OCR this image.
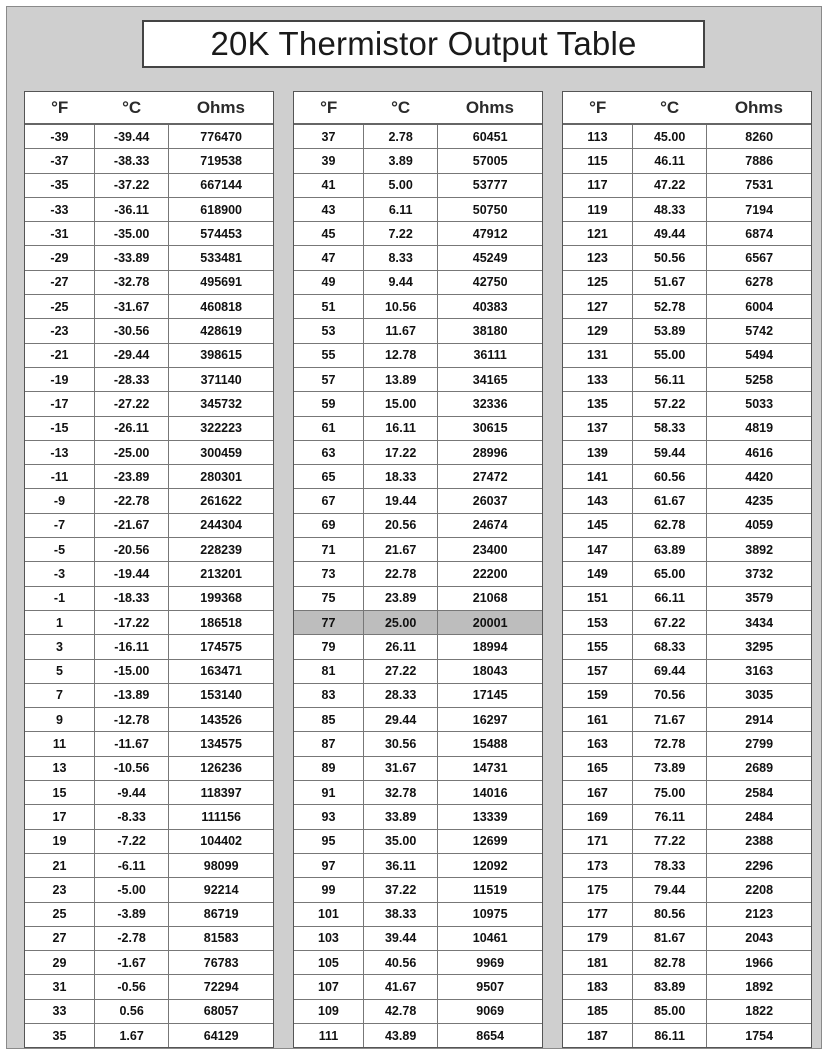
20K Thermistor Output Table
°F	°C	Ohms
-39	-39.44	776470
-37	-38.33	719538
-35	-37.22	667144
-33	-36.11	618900
-31	-35.00	574453
-29	-33.89	533481
-27	-32.78	495691
-25	-31.67	460818
-23	-30.56	428619
-21	-29.44	398615
-19	-28.33	371140
-17	-27.22	345732
-15	-26.11	322223
-13	-25.00	300459
-11	-23.89	280301
-9	-22.78	261622
-7	-21.67	244304
-5	-20.56	228239
-3	-19.44	213201
-1	-18.33	199368
1	-17.22	186518
3	-16.11	174575
5	-15.00	163471
7	-13.89	153140
9	-12.78	143526
11	-11.67	134575
13	-10.56	126236
15	-9.44	118397
17	-8.33	111156
19	-7.22	104402
21	-6.11	98099
23	-5.00	92214
25	-3.89	86719
27	-2.78	81583
29	-1.67	76783
31	-0.56	72294
33	0.56	68057
35	1.67	64129
°F	°C	Ohms
37	2.78	60451
39	3.89	57005
41	5.00	53777
43	6.11	50750
45	7.22	47912
47	8.33	45249
49	9.44	42750
51	10.56	40383
53	11.67	38180
55	12.78	36111
57	13.89	34165
59	15.00	32336
61	16.11	30615
63	17.22	28996
65	18.33	27472
67	19.44	26037
69	20.56	24674
71	21.67	23400
73	22.78	22200
75	23.89	21068
77	25.00	20001
79	26.11	18994
81	27.22	18043
83	28.33	17145
85	29.44	16297
87	30.56	15488
89	31.67	14731
91	32.78	14016
93	33.89	13339
95	35.00	12699
97	36.11	12092
99	37.22	11519
101	38.33	10975
103	39.44	10461
105	40.56	9969
107	41.67	9507
109	42.78	9069
111	43.89	8654
°F	°C	Ohms
113	45.00	8260
115	46.11	7886
117	47.22	7531
119	48.33	7194
121	49.44	6874
123	50.56	6567
125	51.67	6278
127	52.78	6004
129	53.89	5742
131	55.00	5494
133	56.11	5258
135	57.22	5033
137	58.33	4819
139	59.44	4616
141	60.56	4420
143	61.67	4235
145	62.78	4059
147	63.89	3892
149	65.00	3732
151	66.11	3579
153	67.22	3434
155	68.33	3295
157	69.44	3163
159	70.56	3035
161	71.67	2914
163	72.78	2799
165	73.89	2689
167	75.00	2584
169	76.11	2484
171	77.22	2388
173	78.33	2296
175	79.44	2208
177	80.56	2123
179	81.67	2043
181	82.78	1966
183	83.89	1892
185	85.00	1822
187	86.11	1754
